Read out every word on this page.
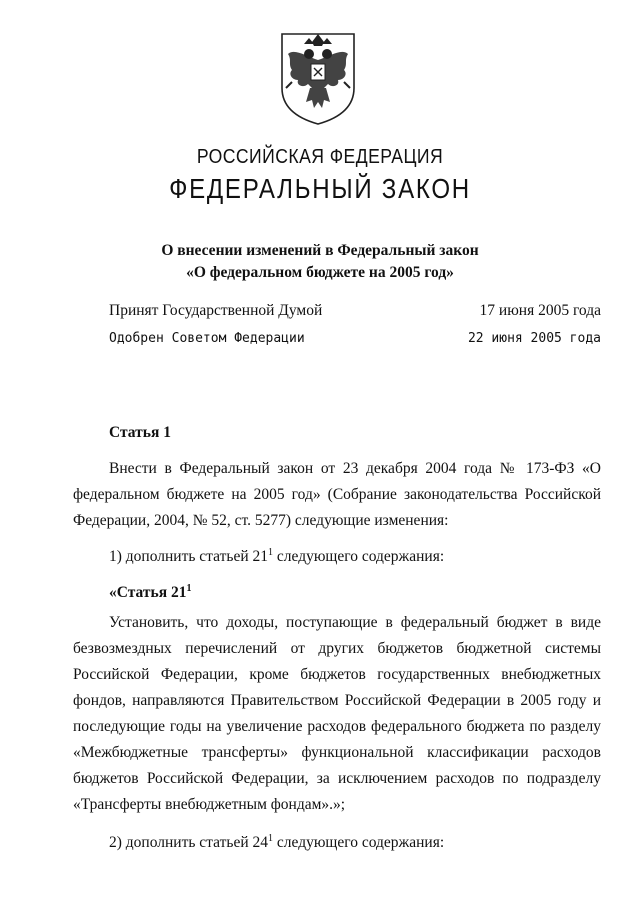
РОССИЙСКАЯ ФЕДЕРАЦИЯ
ФЕДЕРАЛЬНЫЙ ЗАКОН
О внесении изменений в Федеральный закон
«О федеральном бюджете на 2005 год»
Принят Государственной Думой	17 июня 2005 года
Одобрен Советом Федерации	22 июня 2005 года

Статья 1

Внести в Федеральный закон от 23 декабря 2004 года № 173-ФЗ «О федеральном бюджете на 2005 год» (Собрание законодательства Российской Федерации, 2004, № 52, ст. 5277) следующие изменения:

1) дополнить статьей $21^1$ следующего содержания:

«Статья $21^1$

Установить, что доходы, поступающие в федеральный бюджет в виде безвозмездных перечислений от других бюджетов бюджетной системы Российской Федерации, кроме бюджетов государственных внебюджетных фондов, направляются Правительством Российской Федерации в 2005 году и последующие годы на увеличение расходов федерального бюджета по разделу «Межбюджетные трансферты» функциональной классификации расходов бюджетов Российской Федерации, за исключением расходов по подразделу «Трансферты внебюджетным фондам».»;

2) дополнить статьей $24^1$ следующего содержания:
